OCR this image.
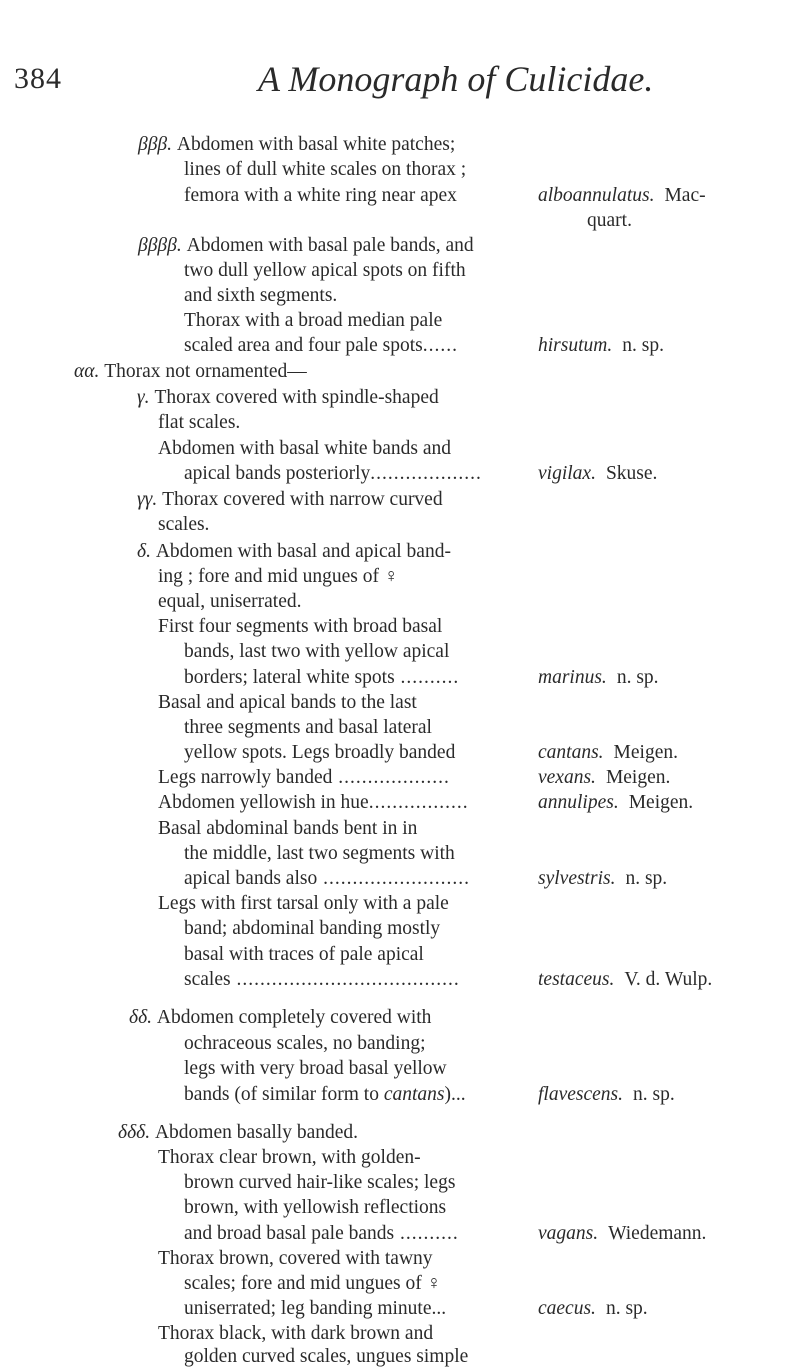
384	A Monograph of Culicidae.
βββ. Abdomen with basal white patches;
lines of dull white scales on thorax ;
femora with a white ring near apex	alboannulatus. Mac-
quart.
ββββ. Abdomen with basal pale bands, and
two dull yellow apical spots on fifth
and sixth segments.
Thorax with a broad median pale
scaled area and four pale spots......	hirsutum. n. sp.
αα. Thorax not ornamented—
γ. Thorax covered with spindle-shaped
flat scales.
Abdomen with basal white bands and
apical bands posteriorly...................	vigilax. Skuse.
γγ. Thorax covered with narrow curved
scales.
δ. Abdomen with basal and apical band-
ing ; fore and mid ungues of ♀
equal, uniserrated.
First four segments with broad basal
bands, last two with yellow apical
borders; lateral white spots ..........	marinus. n. sp.
Basal and apical bands to the last
three segments and basal lateral
yellow spots. Legs broadly banded	cantans. Meigen.
Legs narrowly banded ...................	vexans. Meigen.
Abdomen yellowish in hue.................	annulipes. Meigen.
Basal abdominal bands bent in in
the middle, last two segments with
apical bands also .........................	sylvestris. n. sp.
Legs with first tarsal only with a pale
band; abdominal banding mostly
basal with traces of pale apical
scales ......................................	testaceus. V. d. Wulp.
δδ. Abdomen completely covered with
ochraceous scales, no banding;
legs with very broad basal yellow
bands (of similar form to cantans)...	flavescens. n. sp.
δδδ. Abdomen basally banded.
Thorax clear brown, with golden-
brown curved hair-like scales; legs
brown, with yellowish reflections
and broad basal pale bands ..........	vagans. Wiedemann.
Thorax brown, covered with tawny
scales; fore and mid ungues of ♀
uniserrated; leg banding minute...	caecus. n. sp.
Thorax black, with dark brown and
golden curved scales, ungues simple
